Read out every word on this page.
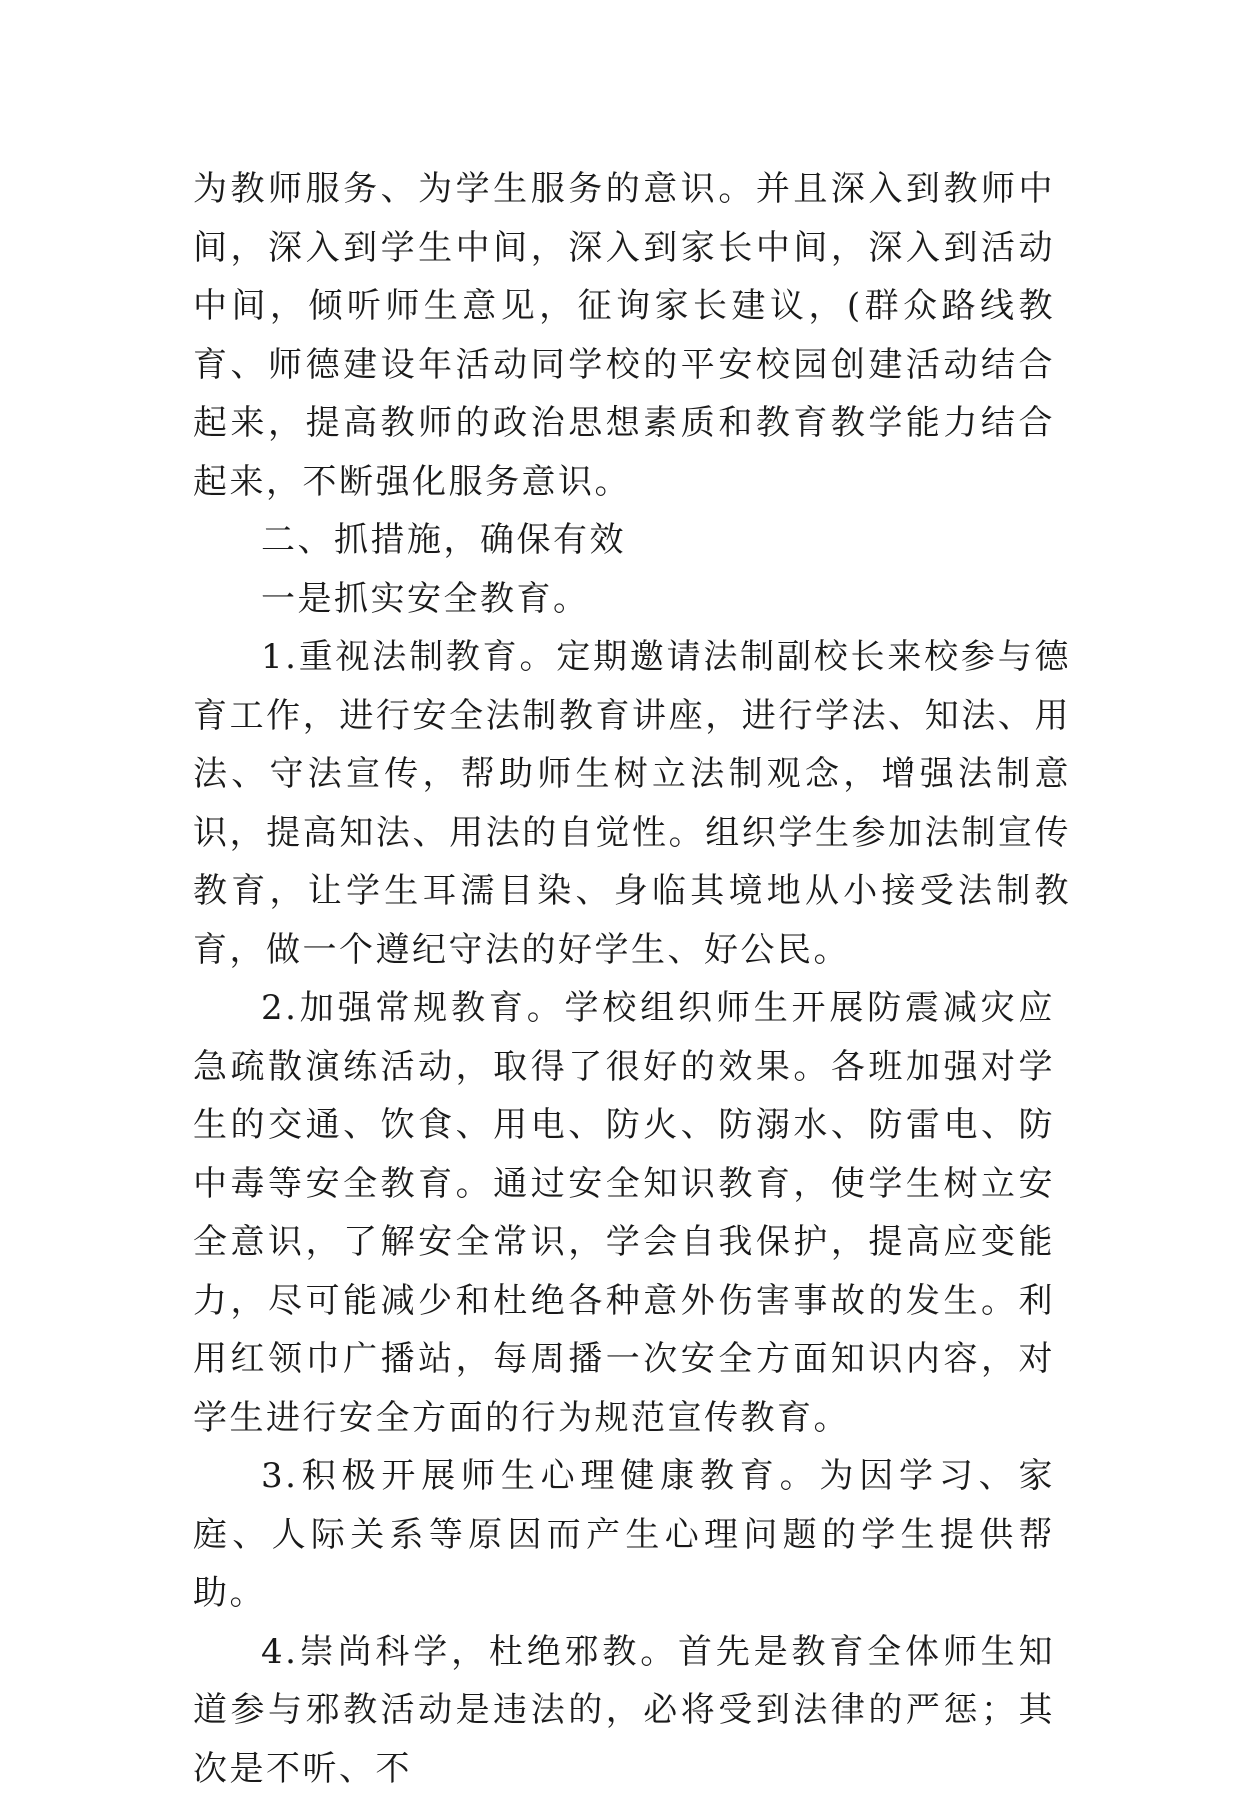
为教师服务、为学生服务的意识。并且深入到教师中间，深入到学生中间，深入到家长中间，深入到活动中间，倾听师生意见，征询家长建议，(群众路线教育、师德建设年活动同学校的平安校园创建活动结合起来，提高教师的政治思想素质和教育教学能力结合起来，不断强化服务意识。

二、抓措施，确保有效

一是抓实安全教育。

1.重视法制教育。定期邀请法制副校长来校参与德育工作，进行安全法制教育讲座，进行学法、知法、用法、守法宣传，帮助师生树立法制观念，增强法制意识，提高知法、用法的自觉性。组织学生参加法制宣传教育，让学生耳濡目染、身临其境地从小接受法制教育，做一个遵纪守法的好学生、好公民。

2.加强常规教育。学校组织师生开展防震减灾应急疏散演练活动，取得了很好的效果。各班加强对学生的交通、饮食、用电、防火、防溺水、防雷电、防中毒等安全教育。通过安全知识教育，使学生树立安全意识，了解安全常识，学会自我保护，提高应变能力，尽可能减少和杜绝各种意外伤害事故的发生。利用红领巾广播站，每周播一次安全方面知识内容，对学生进行安全方面的行为规范宣传教育。

3.积极开展师生心理健康教育。为因学习、家庭、人际关系等原因而产生心理问题的学生提供帮助。

4.崇尚科学，杜绝邪教。首先是教育全体师生知道参与邪教活动是违法的，必将受到法律的严惩；其次是不听、不
